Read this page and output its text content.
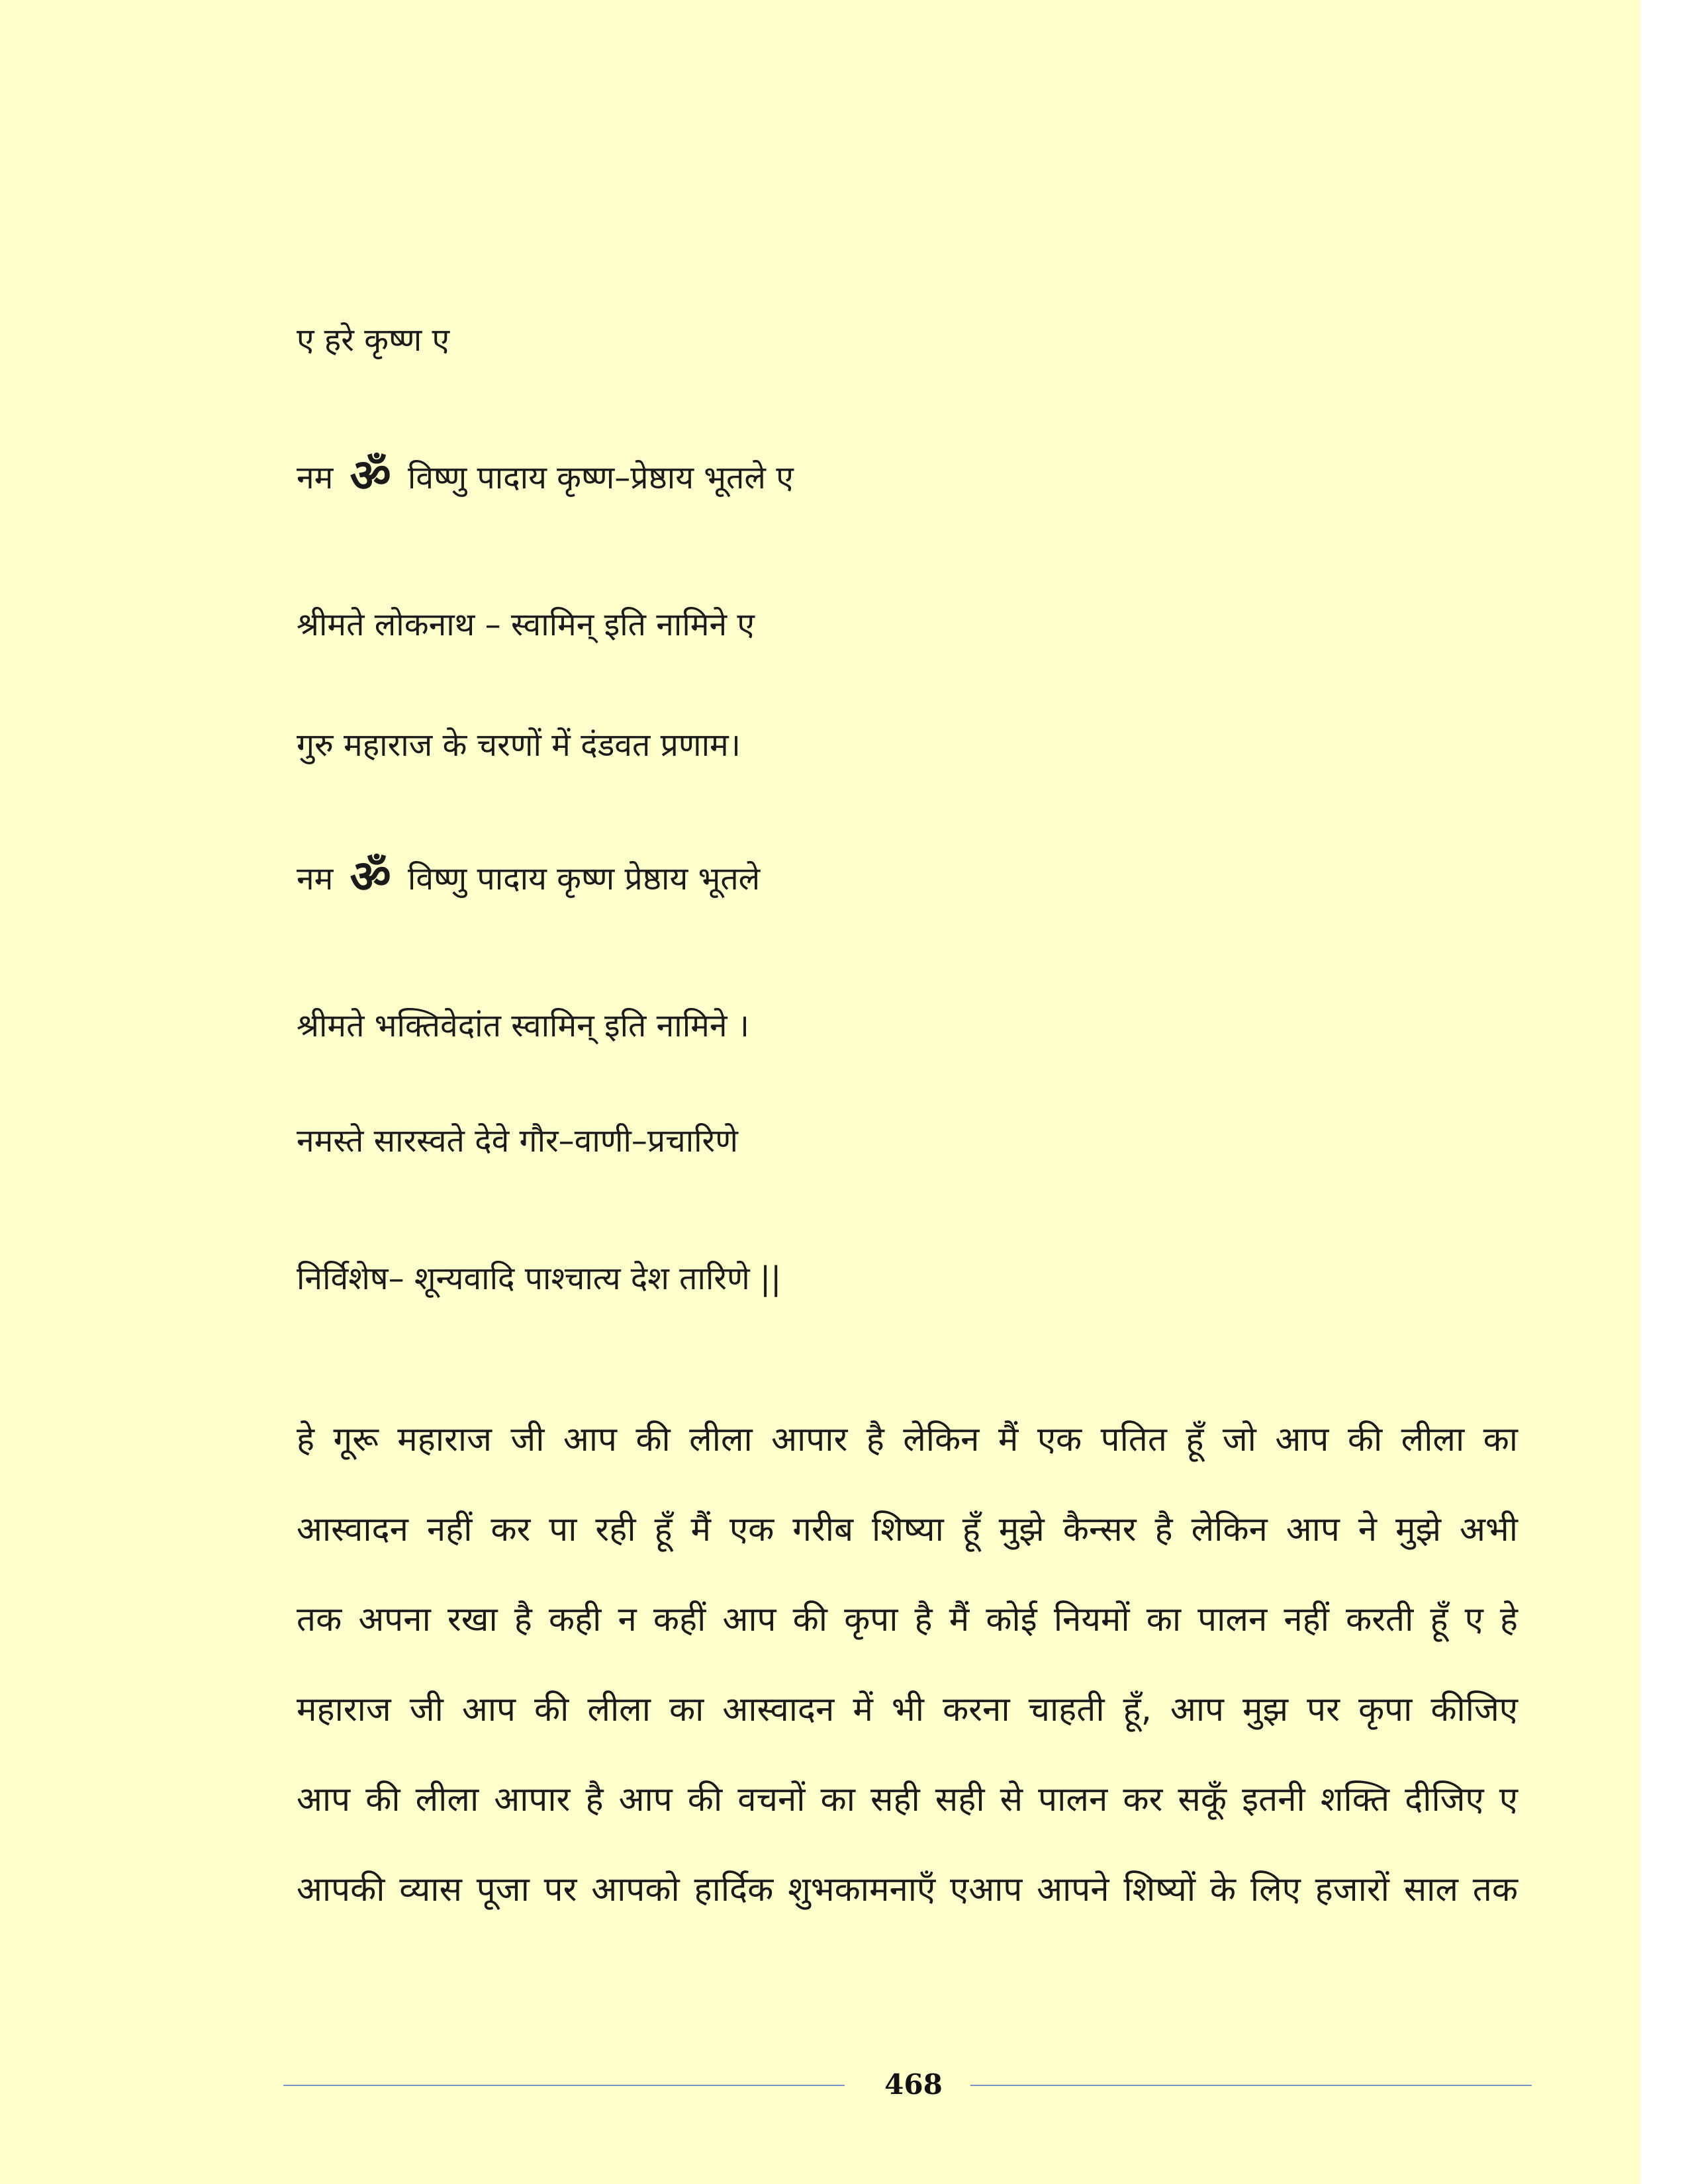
ए हरे कृष्ण ए
नम ॐ विष्णु पादाय कृष्ण–प्रेष्ठाय भूतले ए
श्रीमते लोकनाथ – स्वामिन् इति नामिने ए
गुरु महाराज के चरणों में दंडवत प्रणाम।
नम ॐ विष्णु पादाय कृष्ण प्रेष्ठाय भूतले
श्रीमते भक्तिवेदांत स्वामिन् इति नामिने ।
नमस्ते सारस्वते देवे गौर–वाणी–प्रचारिणे
निर्विशेष– शून्यवादि पाश्चात्य देश तारिणे ||
हे गूरू महाराज जी आप की लीला आपार है लेकिन मैं एक पतित हूँ जो आप की लीला का
आस्वादन नहीं कर पा रही हूँ मैं एक गरीब शिष्या हूँ मुझे कैन्सर है लेकिन आप ने मुझे अभी
तक अपना रखा है कही न कहीं आप की कृपा है मैं कोई नियमों का पालन नहीं करती हूँ ए हे
महाराज जी आप की लीला का आस्वादन में भी करना चाहती हूँ, आप मुझ पर कृपा कीजिए
आप की लीला आपार है आप की वचनों का सही सही से पालन कर सकूँ इतनी शक्ति दीजिए ए
आपकी व्यास पूजा पर आपको हार्दिक शुभकामनाएँ एआप आपने शिष्यों के लिए हजारों साल तक
468
